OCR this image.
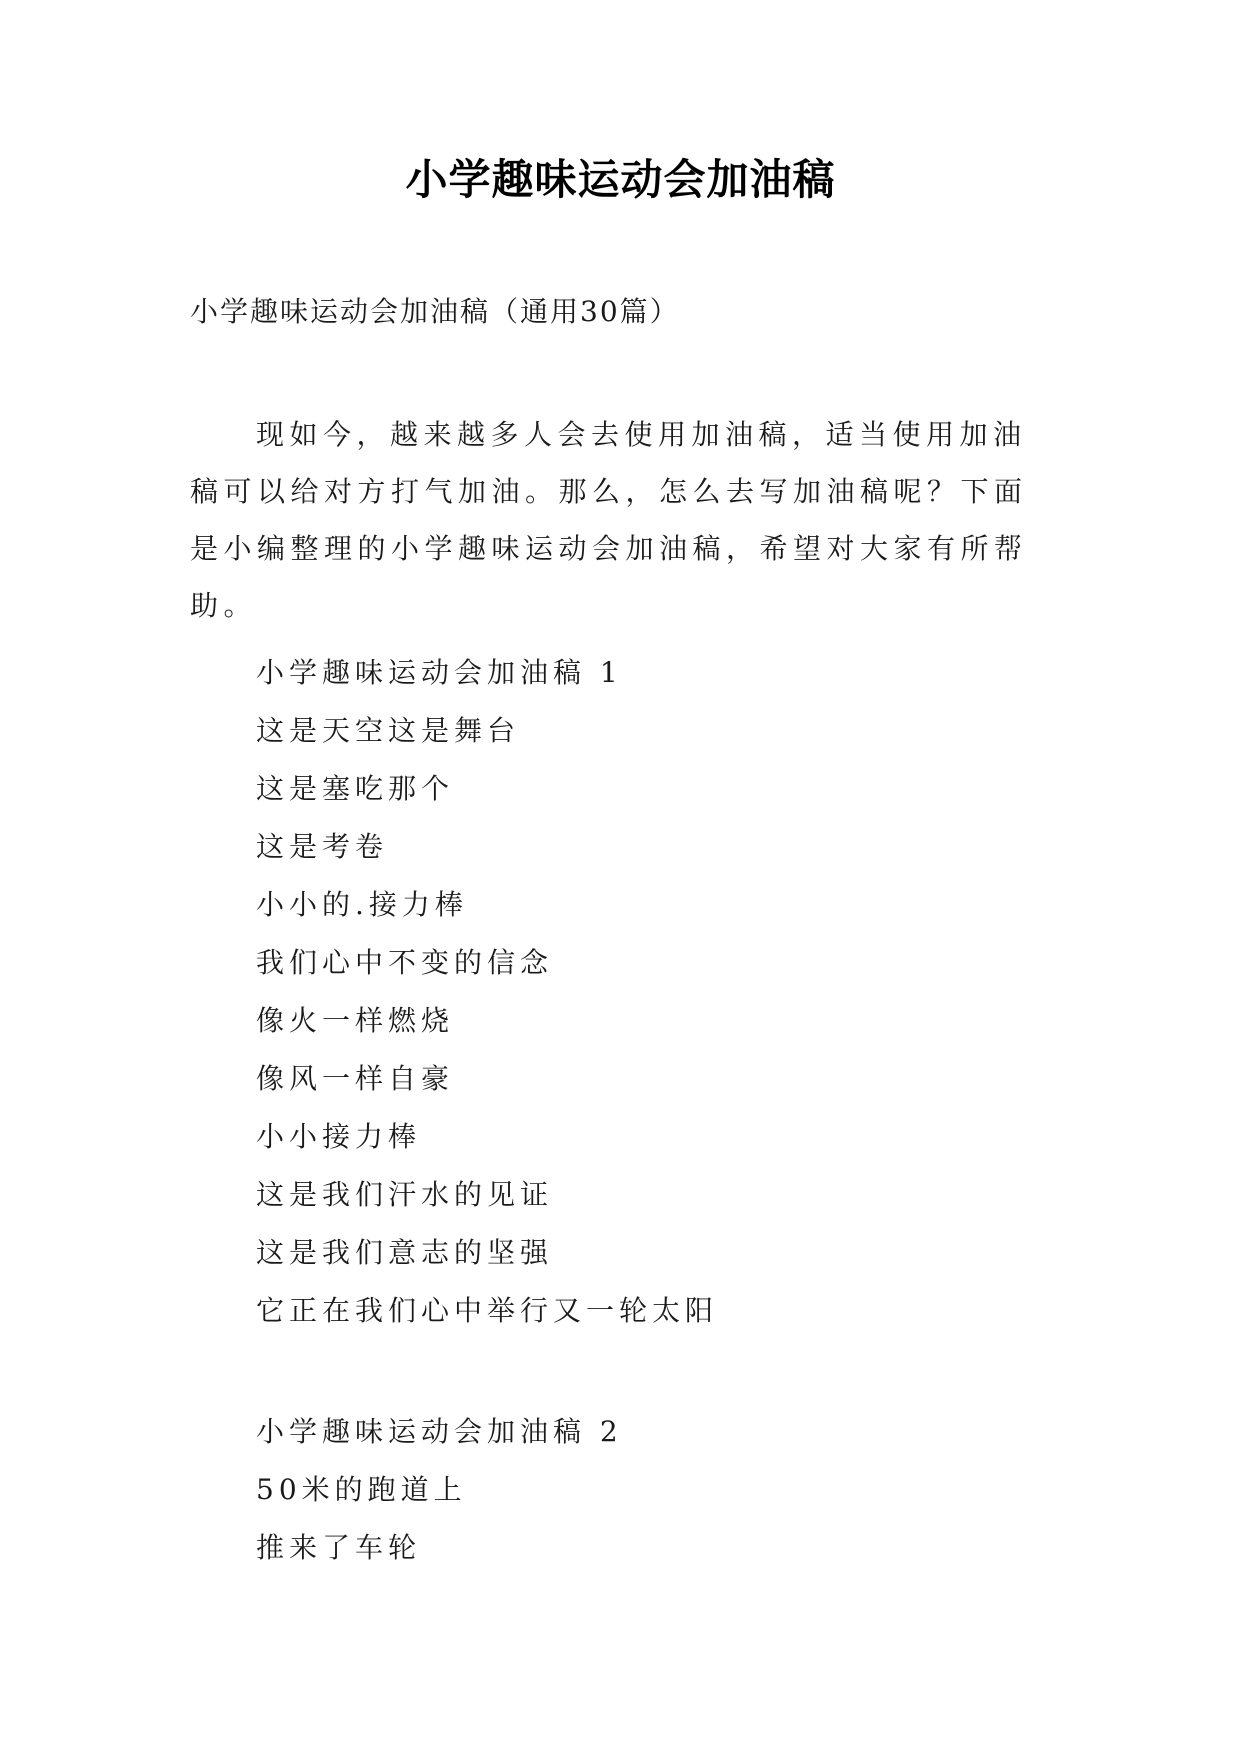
小学趣味运动会加油稿
小学趣味运动会加油稿（通用30篇）

现如今，越来越多人会去使用加油稿，适当使用加油稿可以给对方打气加油。那么，怎么去写加油稿呢？下面是小编整理的小学趣味运动会加油稿，希望对大家有所帮助。

小学趣味运动会加油稿 1
这是天空这是舞台
这是塞吃那个
这是考卷
小小的.接力棒
我们心中不变的信念
像火一样燃烧
像风一样自豪
小小接力棒
这是我们汗水的见证
这是我们意志的坚强
它正在我们心中举行又一轮太阳
小学趣味运动会加油稿 2
50米的跑道上
推来了车轮
